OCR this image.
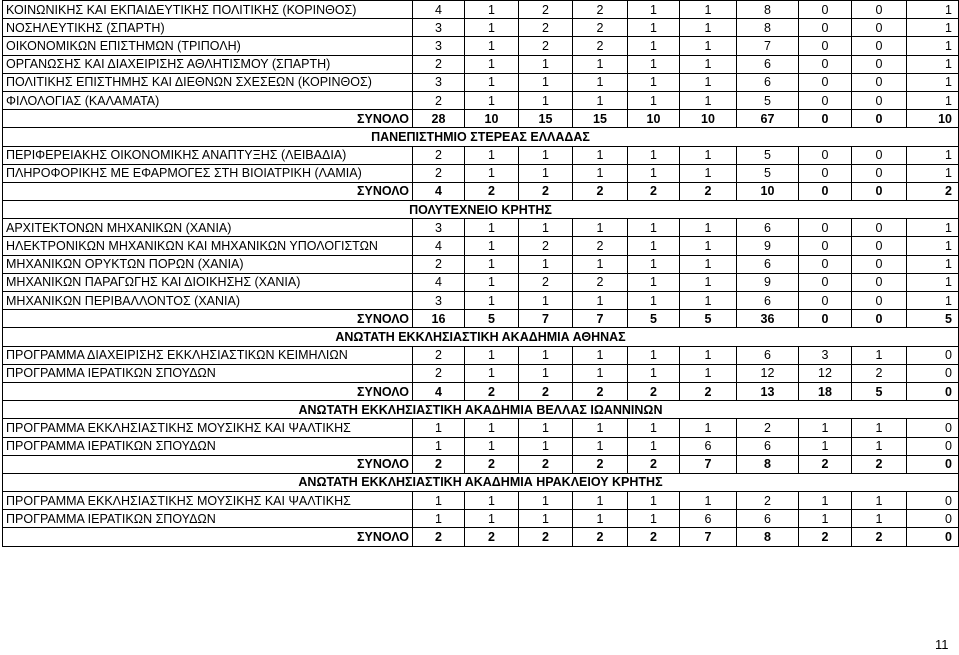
ΚΟΙΝΩΝΙΚΗΣ ΚΑΙ ΕΚΠΑΙΔΕΥΤΙΚΗΣ ΠΟΛΙΤΙΚΗΣ (ΚΟΡΙΝΘΟΣ)	4	1	2	2	1	1	8	0	0	1
ΝΟΣΗΛΕΥΤΙΚΗΣ (ΣΠΑΡΤΗ)	3	1	2	2	1	1	8	0	0	1
ΟΙΚΟΝΟΜΙΚΩΝ ΕΠΙΣΤΗΜΩΝ (ΤΡΙΠΟΛΗ)	3	1	2	2	1	1	7	0	0	1
ΟΡΓΑΝΩΣΗΣ ΚΑΙ ΔΙΑΧΕΙΡΙΣΗΣ ΑΘΛΗΤΙΣΜΟΥ (ΣΠΑΡΤΗ)	2	1	1	1	1	1	6	0	0	1
ΠΟΛΙΤΙΚΗΣ ΕΠΙΣΤΗΜΗΣ ΚΑΙ ΔΙΕΘΝΩΝ ΣΧΕΣΕΩΝ (ΚΟΡΙΝΘΟΣ)	3	1	1	1	1	1	6	0	0	1
ΦΙΛΟΛΟΓΙΑΣ (ΚΑΛΑΜΑΤΑ)	2	1	1	1	1	1	5	0	0	1
ΣΥΝΟΛΟ	28	10	15	15	10	10	67	0	0	10
ΠΑΝΕΠΙΣΤΗΜΙΟ ΣΤΕΡΕΑΣ ΕΛΛΑΔΑΣ										
ΠΕΡΙΦΕΡΕΙΑΚΗΣ ΟΙΚΟΝΟΜΙΚΗΣ ΑΝΑΠΤΥΞΗΣ (ΛΕΙΒΑΔΙΑ)	2	1	1	1	1	1	5	0	0	1
ΠΛΗΡΟΦΟΡΙΚΗΣ ΜΕ ΕΦΑΡΜΟΓΕΣ ΣΤΗ ΒΙΟΙΑΤΡΙΚΗ (ΛΑΜΙΑ)	2	1	1	1	1	1	5	0	0	1
ΣΥΝΟΛΟ	4	2	2	2	2	2	10	0	0	2
ΠΟΛΥΤΕΧΝΕΙΟ ΚΡΗΤΗΣ										
ΑΡΧΙΤΕΚΤΟΝΩΝ ΜΗΧΑΝΙΚΩΝ (ΧΑΝΙΑ)	3	1	1	1	1	1	6	0	0	1
ΗΛΕΚΤΡΟΝΙΚΩΝ ΜΗΧΑΝΙΚΩΝ ΚΑΙ ΜΗΧΑΝΙΚΩΝ ΥΠΟΛΟΓΙΣΤΩΝ	4	1	2	2	1	1	9	0	0	1
ΜΗΧΑΝΙΚΩΝ ΟΡΥΚΤΩΝ ΠΟΡΩΝ (ΧΑΝΙΑ)	2	1	1	1	1	1	6	0	0	1
ΜΗΧΑΝΙΚΩΝ ΠΑΡΑΓΩΓΗΣ ΚΑΙ ΔΙΟΙΚΗΣΗΣ (ΧΑΝΙΑ)	4	1	2	2	1	1	9	0	0	1
ΜΗΧΑΝΙΚΩΝ ΠΕΡΙΒΑΛΛΟΝΤΟΣ (ΧΑΝΙΑ)	3	1	1	1	1	1	6	0	0	1
ΣΥΝΟΛΟ	16	5	7	7	5	5	36	0	0	5
ΑΝΩΤΑΤΗ ΕΚΚΛΗΣΙΑΣΤΙΚΗ ΑΚΑΔΗΜΙΑ ΑΘΗΝΑΣ										
ΠΡΟΓΡΑΜΜΑ ΔΙΑΧΕΙΡΙΣΗΣ ΕΚΚΛΗΣΙΑΣΤΙΚΩΝ ΚΕΙΜΗΛΙΩΝ	2	1	1	1	1	1	6	3	1	0
ΠΡΟΓΡΑΜΜΑ ΙΕΡΑΤΙΚΩΝ ΣΠΟΥΔΩΝ	2	1	1	1	1	1	12	12	2	0
ΣΥΝΟΛΟ	4	2	2	2	2	2	13	18	5	0
ΑΝΩΤΑΤΗ ΕΚΚΛΗΣΙΑΣΤΙΚΗ ΑΚΑΔΗΜΙΑ ΒΕΛΛΑΣ ΙΩΑΝΝΙΝΩΝ										
ΠΡΟΓΡΑΜΜΑ ΕΚΚΛΗΣΙΑΣΤΙΚΗΣ ΜΟΥΣΙΚΗΣ ΚΑΙ ΨΑΛΤΙΚΗΣ	1	1	1	1	1	1	2	1	1	0
ΠΡΟΓΡΑΜΜΑ ΙΕΡΑΤΙΚΩΝ ΣΠΟΥΔΩΝ	1	1	1	1	1	6	6	1	1	0
ΣΥΝΟΛΟ	2	2	2	2	2	7	8	2	2	0
ΑΝΩΤΑΤΗ ΕΚΚΛΗΣΙΑΣΤΙΚΗ ΑΚΑΔΗΜΙΑ ΗΡΑΚΛΕΙΟΥ ΚΡΗΤΗΣ										
ΠΡΟΓΡΑΜΜΑ ΕΚΚΛΗΣΙΑΣΤΙΚΗΣ ΜΟΥΣΙΚΗΣ ΚΑΙ ΨΑΛΤΙΚΗΣ	1	1	1	1	1	1	2	1	1	0
ΠΡΟΓΡΑΜΜΑ ΙΕΡΑΤΙΚΩΝ ΣΠΟΥΔΩΝ	1	1	1	1	1	6	6	1	1	0
ΣΥΝΟΛΟ	2	2	2	2	2	7	8	2	2	0
11
